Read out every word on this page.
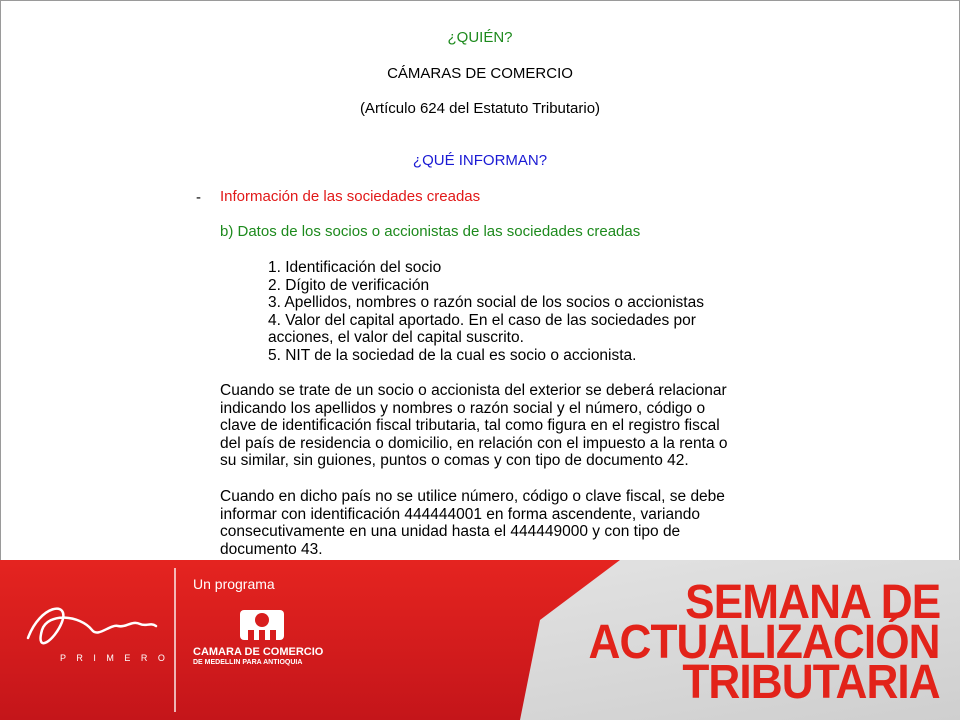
¿QUIÉN?
CÁMARAS DE COMERCIO
(Artículo 624 del Estatuto Tributario)
¿QUÉ INFORMAN?
- Información de las sociedades creadas
b) Datos de los socios o accionistas de las sociedades creadas
1. Identificación del socio
2. Dígito de verificación
3. Apellidos, nombres o razón social de los socios o accionistas
4. Valor del capital aportado. En el caso de las sociedades por
acciones, el valor del capital suscrito.
5. NIT de la sociedad de la cual es socio o accionista.
Cuando se trate de un socio o accionista del exterior se deberá relacionar
indicando los apellidos y nombres o razón social y el número, código o
clave de identificación fiscal tributaria, tal como figura en el registro fiscal
del país de residencia o domicilio, en relación con el impuesto a la renta o
su similar, sin guiones, puntos o comas y con tipo de documento 42.
Cuando en dicho país no se utilice número, código o clave fiscal, se debe
informar con identificación 444444001 en forma ascendente, variando
consecutivamente en una unidad hasta el 444449000 y con tipo de
documento 43.
P R I M E R O
Un programa
CAMARA DE COMERCIO
DE MEDELLIN PARA ANTIOQUIA
SEMANA DE
ACTUALIZACIÓN
TRIBUTARIA
